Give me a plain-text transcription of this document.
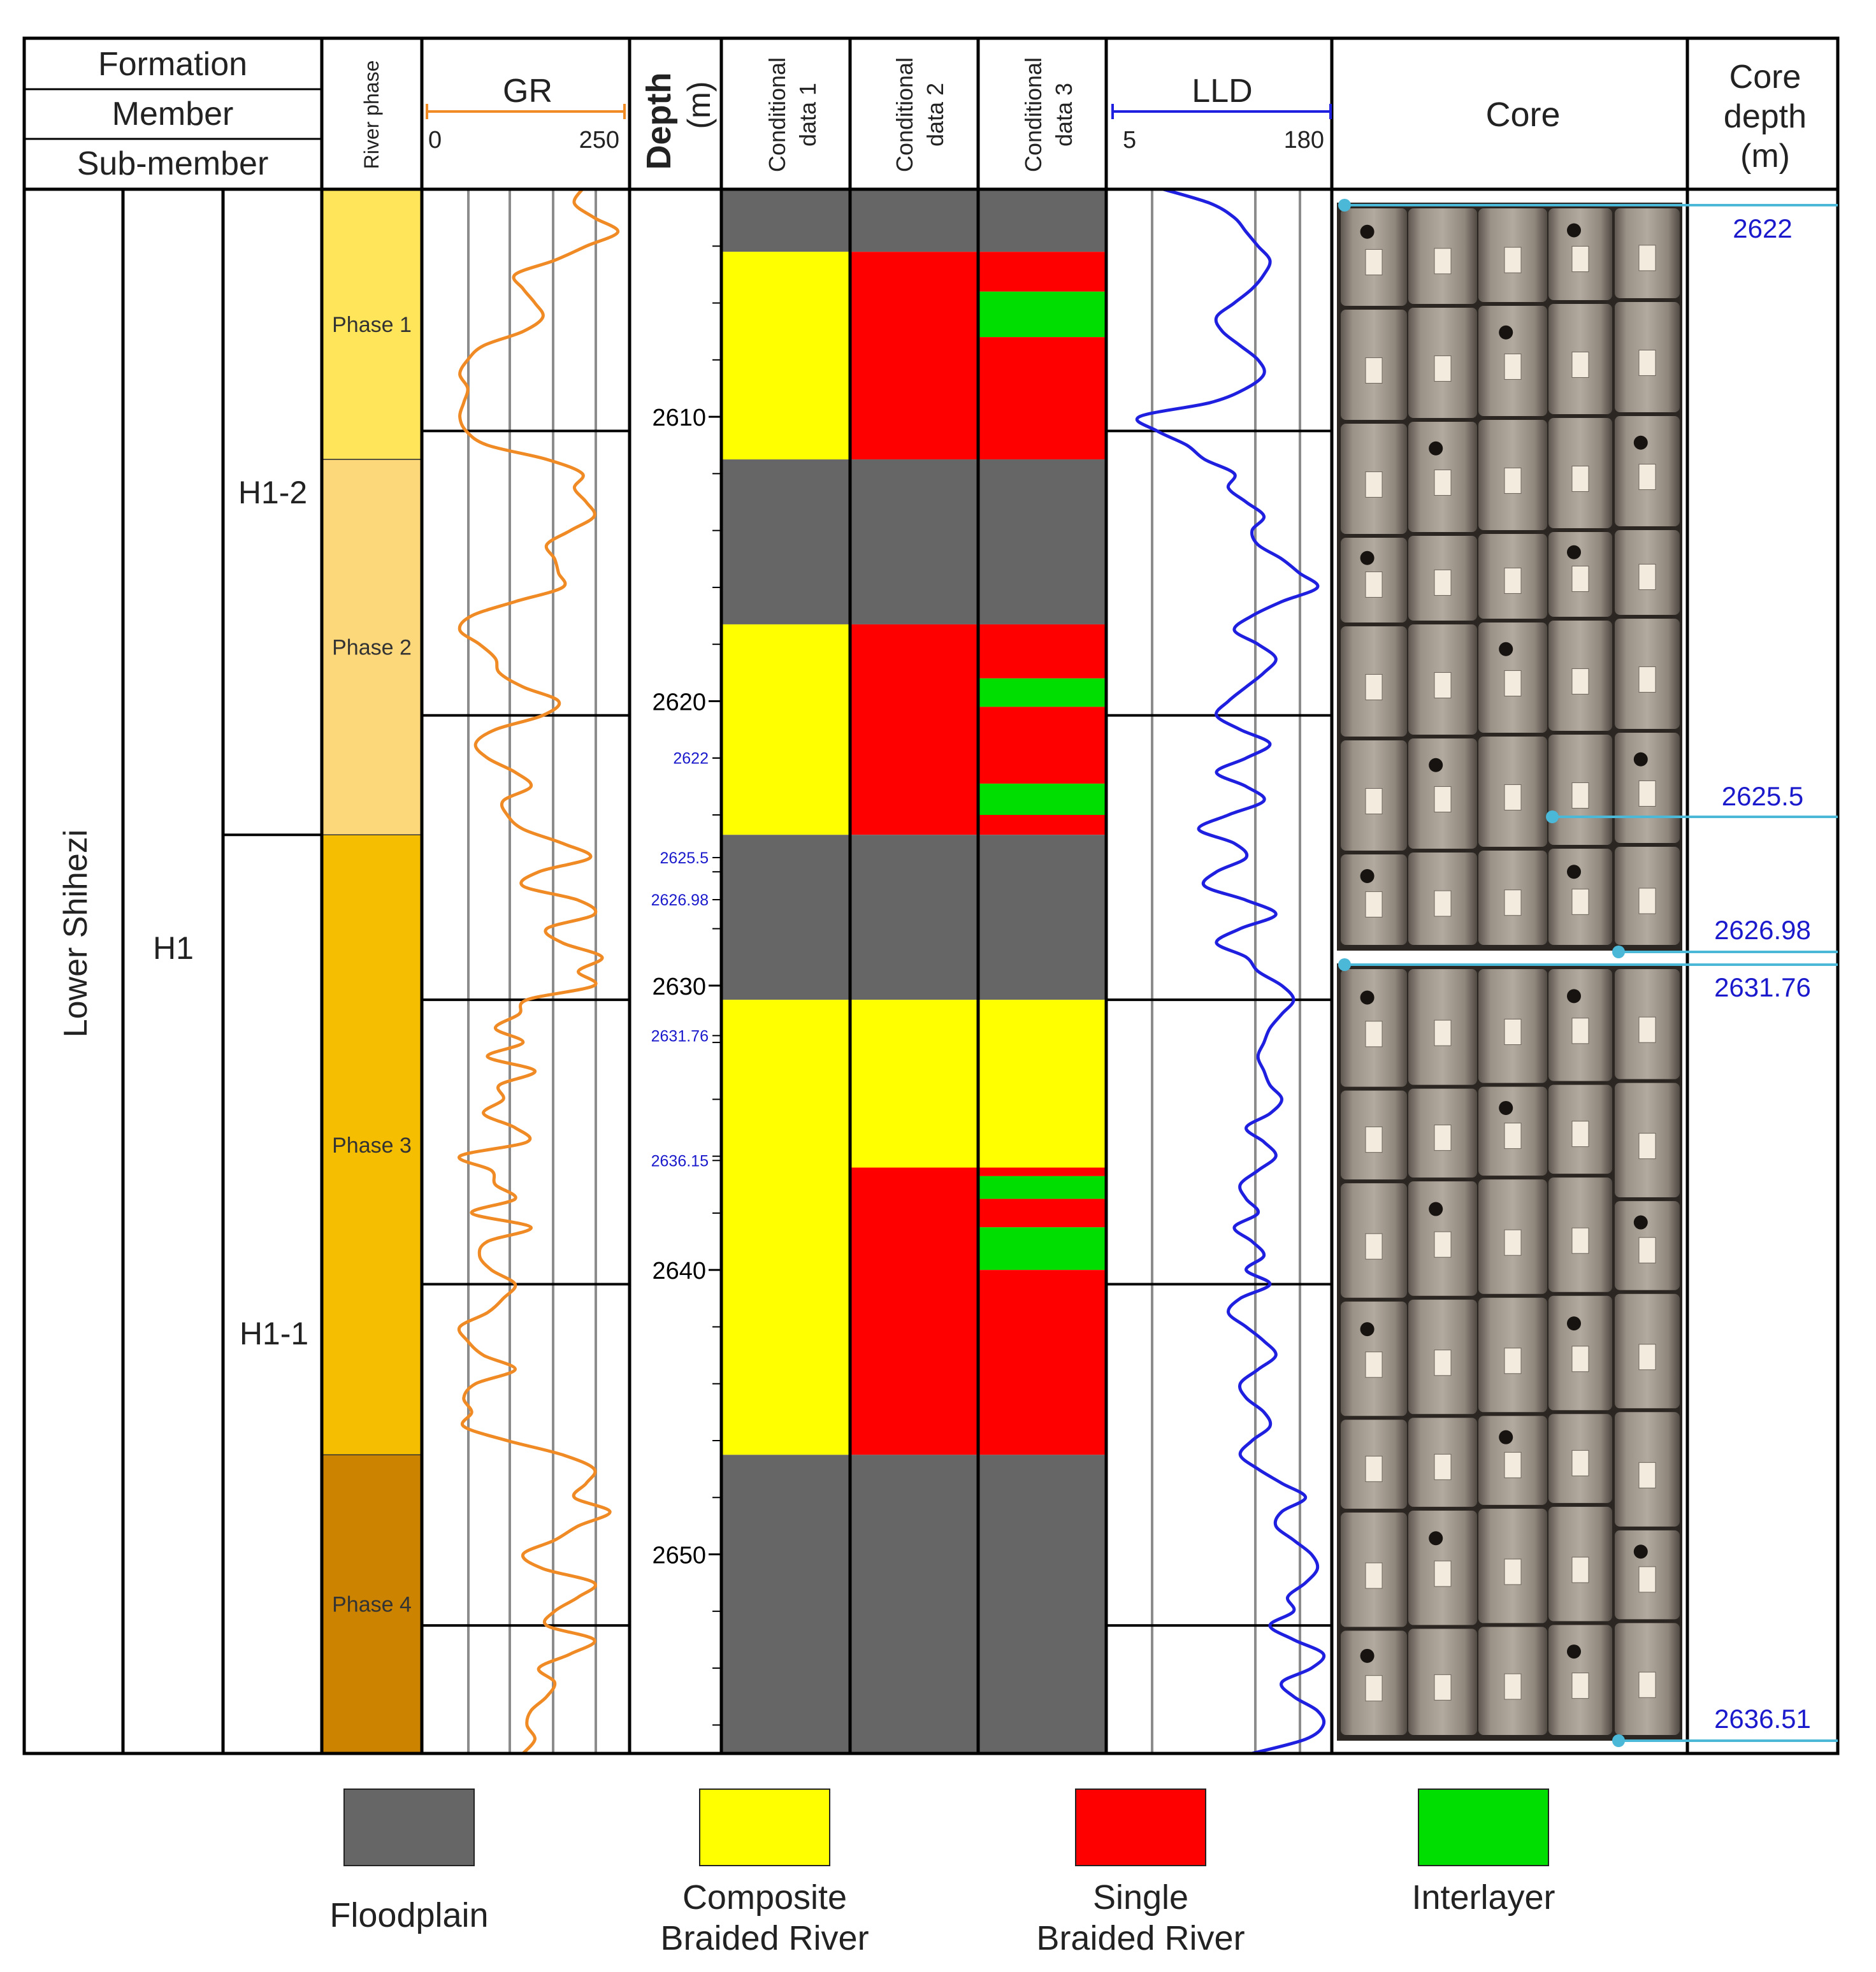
Formation
Member
Sub-member	River phase	GR
0	250 Depth (m) Conditional data 1	Conditional data 2	Conditional data 3	LLD
5	180
Core
Core
depth
(m)
Lower Shihezi H1
H1-2
H1-1
Phase 1
Phase 2
Phase 3
Phase 4
2610
2620
2630
2640
2650
2622
2625.5
2626.98
2631.76
2636.15
2622
2625.5
2626.98
2631.76
2636.51
Floodplain	Composite
Braided River
Single
Braided River
Interlayer
